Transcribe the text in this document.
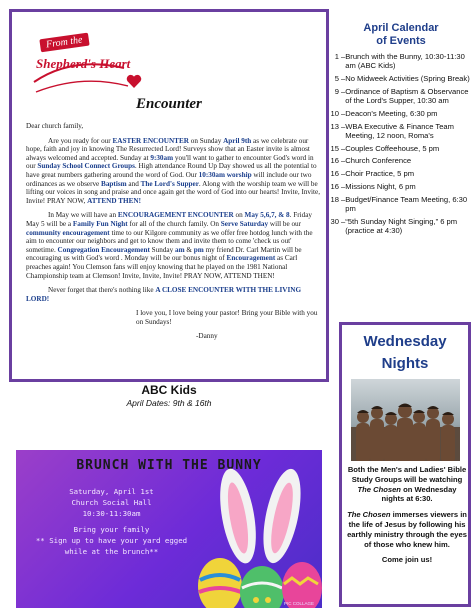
From the
Shepherd's Heart
Encounter

Dear church family,

Are you ready for our EASTER ENCOUNTER on Sunday April 9th as we celebrate our hope, faith and joy in knowing The Resurrected Lord! Surveys show that an Easter invite is almost always welcomed and accepted. Sunday at 9:30am you'll want to gather to encounter God's word in our Sunday School Connect Groups. High attendance Round Up Day showed us all the potential to have great numbers gathering around the word of God. Our 10:30am worship will include our two ordinances as we observe Baptism and The Lord's Supper. Along with the worship team we will be lifting our voices in song and praise and once again get the word of God into our hearts! Invite, Invite, Invite! PRAY NOW, ATTEND THEN!

In May we will have an ENCOURAGEMENT ENCOUNTER on May 5,6,7, & 8. Friday May 5 will be a Family Fun Night for all of the church family. On Serve Saturday will be our community encouragement time to our Kilgore community as we offer free hotdog lunch with the aim to encounter our neighbors and get to know them and invite them to come 'check us out' sometime. Congregation Encouragement Sunday am & pm my friend Dr. Carl Martin will be encouraging us with God's word . Monday will be our bonus night of Encouragement as Carl preaches again! You Clemson fans will enjoy knowing that he played on the 1981 National Championship team at Clemson! Invite, Invite, Invite! PRAY NOW, ATTEND THEN!

Never forget that there's nothing like A CLOSE ENCOUNTER WITH THE LIVING LORD!

I love you, I love being your pastor! Bring your Bible with you on Sundays!

-Danny

ABC Kids
April Dates: 9th & 16th
BRUNCH WITH THE BUNNY
Saturday, April 1st
Church Social Hall
10:30-11:30am
Bring your family
** Sign up to have your yard egged
while at the brunch**
PIC COLLAGE
April Calendar
of Events
1 – Brunch with the Bunny, 10:30-11:30 am (ABC Kids)
5 – No Midweek Activities (Spring Break)
9 – Ordinance of Baptism & Observance of the Lord's Supper, 10:30 am
10 – Deacon's Meeting, 6:30 pm
13 – WBA Executive & Finance Team Meeting, 12 noon, Roma's
15 – Couples Coffeehouse, 5 pm
16 – Church Conference
16 – Choir Practice, 5 pm
16 – Missions Night, 6 pm
18 – Budget/Finance Team Meeting, 6:30 pm
30 – “5th Sunday Night Singing,” 6 pm (practice at 4:30)
Wednesday
Nights

Both the Men's and Ladies' Bible Study Groups will be watching The Chosen on Wednesday nights at 6:30.

The Chosen immerses viewers in the life of Jesus by following his earthly ministry through the eyes of those who knew him.

Come join us!
